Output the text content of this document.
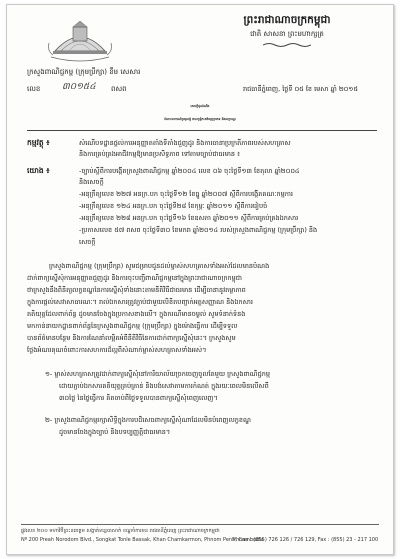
ព្រះរាជាណាចក្រកម្ពុជា
ជាតិ សាសនា ព្រះមហាក្សត្រ
ក្រសួងពាណិជ្ជកម្ព (ក្រុមប្រឹក្សា) ខឹម សេសារ
លេខ ៣០១៥៤ ពសព	រាជធានីភ្នំពេញ, ថ្ងៃទី ០៥ ខែ មេសា ឆ្នាំ ២០១៥
សេចក្ដីជូនដំណឹង
ចំពោះឧបករណ៍ប្រមូលផ្ដុំ ជាលក្ខន្តិកៈគតិយុត្តប្រភេទ និងលក្ខខណ្ឌ
កម្មវត្ថុ ៖	សំណើបទដ្ឋានផ្ដល់ការអនុញ្ញាតតាំងទីតាំងជួញដូរ និងការធានាប្រក្រតីភាពរបស់សហគ្រាស
និងការគ្រប់គ្រងអាជីវកម្មឱ្យមានប្រសិទ្ធភាព ទៅតាមច្បាប់ជាធរមាន ៖
យោង ៖	-ច្បាប់ស្ដីពីការបង្កើតក្រសួងពាណិជ្ជកម្ម ឆ្នាំ២០០៤ លេខ ០៦ ចុះថ្ងៃទី១៣ ខែតុលា ឆ្នាំ២០០៤
និងសេចក្ដី
-អនុក្រឹត្យលេខ ២២៧ អនក្រ.បក ចុះថ្ងៃទី១២ ខែធ្នូ ឆ្នាំ២០០៧ ស្ដីពីការបង្កើតគណៈកម្មការ
-អនុក្រឹត្យលេខ ១២៤ អនក្រ.បក ចុះថ្ងៃទី២៨ ខែកុម្ភៈ ឆ្នាំ២០១១ ស្ដីពីការរៀបចំ
-អនុក្រឹត្យលេខ ២២៨ អនក្រ.បក ចុះថ្ងៃទី១៦ ខែឧសភា ឆ្នាំ២០១១ ស្ដីពីការគ្រប់គ្រងឯកសារ
-ប្រកាសលេខ ៥៧ ពសព ចុះថ្ងៃទី៣០ ខែមករា ឆ្នាំ២០១៤ របស់ក្រសួងពាណិជ្ជកម្ម (ក្រុមប្រឹក្សា) និង
សេចក្ដី
ក្រសួងពាណិជ្ជកម្ម (ក្រុមប្រឹក្សា) សូមជម្រាបជូនដល់ម្ចាស់សហគ្រាសទាំងអស់ដែលមានបំណង
ដាក់ពាក្យស្នើសុំការអនុញ្ញាតជួញដូរ និងការចុះបញ្ជីពាណិជ្ជកម្មនៅក្នុងព្រះរាជាណាចក្រកម្ពុជា
ថាក្រសួងនឹងពិនិត្យលក្ខខណ្ឌនៃការស្នើសុំទាំងនោះតាមនីតិវិធីជាធរមាន ដើម្បីធានានូវតម្លាភាព
ក្នុងការផ្ដល់សេវាសាធារណៈ។ រាល់ឯកសារត្រូវភ្ជាប់ជាមួយលិខិតបញ្ជាក់អត្តសញ្ញាណ និងឯកសារ
គតិយុត្តដែលពាក់ព័ន្ធ ដូចមានចែងក្នុងប្រកាសខាងលើ។ ក្នុងករណីមានចម្ងល់ សូមទំនាក់ទំនង
មកកាន់នាយកដ្ឋានពាក់ព័ន្ធនៃក្រសួងពាណិជ្ជកម្ម (ក្រុមប្រឹក្សា) ក្នុងម៉ោងធ្វើការ ដើម្បីទទួល
បានព័ត៌មានបន្ថែម និងការណែនាំលម្អិតអំពីនីតិវិធីនៃការដាក់ពាក្យស្នើសុំនេះ។ ក្រសួងសូម
ថ្លែងអំណរគុណចំពោះការសហការដ៏ល្អពីសំណាក់ម្ចាស់សហគ្រាសទាំងអស់។
១- ម្ចាស់សហគ្រាសត្រូវដាក់ពាក្យស្នើសុំនៅការិយាល័យច្រកចេញចូលតែមួយ ក្រសួងពាណិជ្ជកម្ម
ដោយភ្ជាប់ឯកសារគតិយុត្តគ្រប់គ្រាន់ និងបង់សេវាតាមការកំណត់ ក្នុងរយៈពេលមិនលើសពី
៣០ថ្ងៃ នៃថ្ងៃធ្វើការ គិតចាប់ពីថ្ងៃទទួលបានពាក្យស្នើសុំពេញលេញ។
២- ក្រសួងពាណិជ្ជកម្មរក្សាសិទ្ធិក្នុងការបដិសេធពាក្យស្នើសុំណាដែលមិនបំពេញលក្ខខណ្ឌ
ដូចមានចែងក្នុងច្បាប់ និងបទប្បញ្ញត្តិជាធរមាន។
ផ្លូវលេខ ២០០ មហាវិថីព្រះនរោត្តម សង្កាត់ទន្លេបាសាក់ ខណ្ឌចំការមន រាជធានីភ្នំពេញ ព្រះរាជាណាចក្រកម្ពុជា
Nº 200 Preah Norodom Blvd., Songkat Tonle Bassak, Khan Chamkarmon, Phnom Penh, Cambodia
Phone : (855) 726 126 / 726 129, Fax : (855) 23 - 217 100
